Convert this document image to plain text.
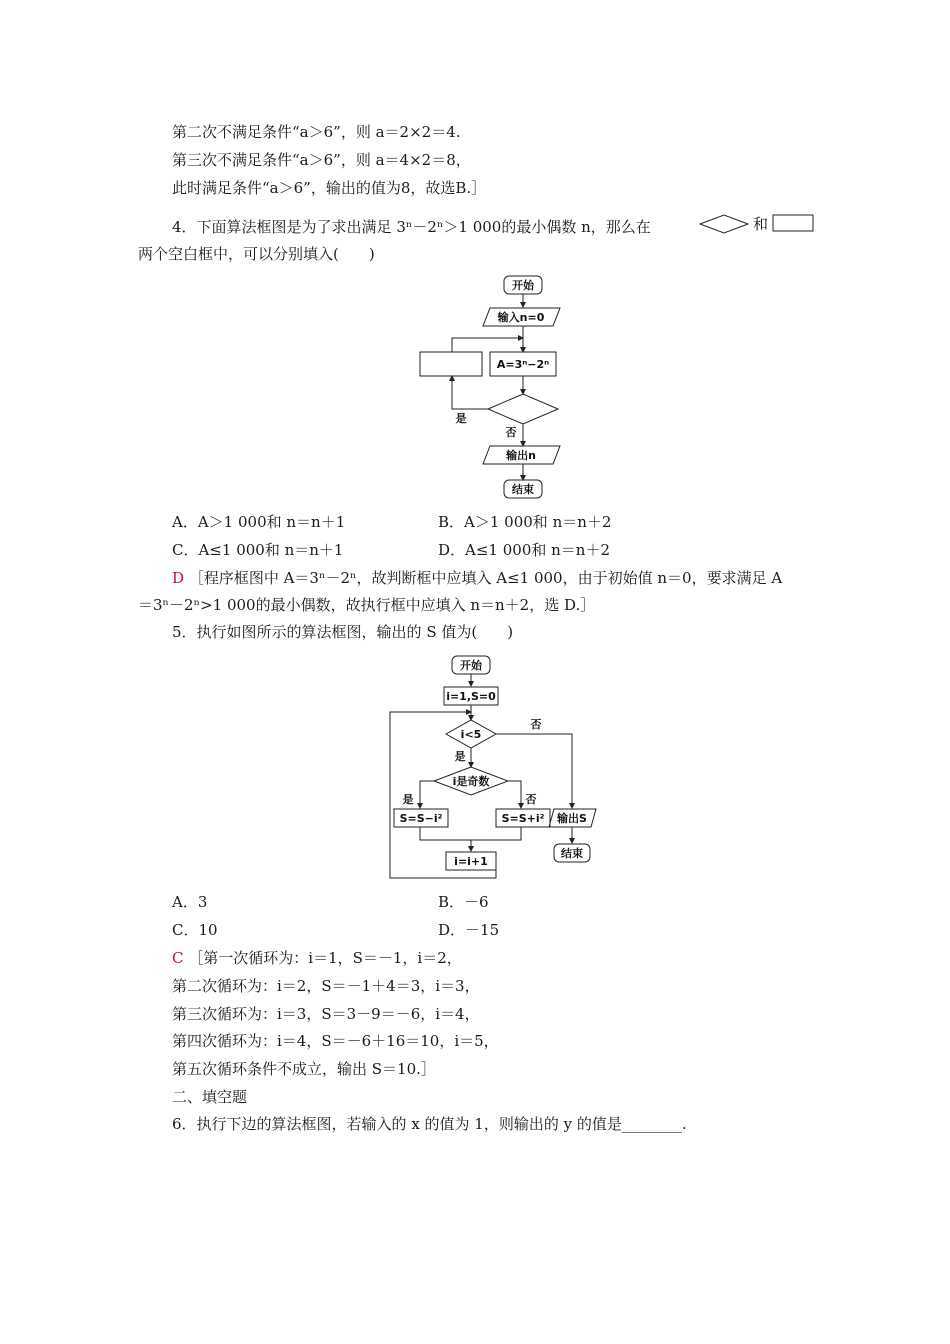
第二次不满足条件“a＞6”，则 a＝2×2＝4.
第三次不满足条件“a＞6”，则 a＝4×2＝8，
此时满足条件“a＞6”，输出的值为8，故选B.］
4．下面算法框图是为了求出满足 3ⁿ－2ⁿ＞1 000的最小偶数 n，那么在	和
两个空白框中，可以分别填入(　　)
开始
输入n=0
A=3ⁿ−2ⁿ
是
否
输出n
结束
A．A＞1 000和 n＝n＋1	B．A＞1 000和 n＝n＋2
C．A≤1 000和 n＝n＋1	D．A≤1 000和 n＝n＋2
D ［程序框图中 A＝3ⁿ－2ⁿ，故判断框中应填入 A≤1 000，由于初始值 n＝0，要求满足 A
＝3ⁿ－2ⁿ>1 000的最小偶数，故执行框中应填入 n＝n＋2，选 D.］
5．执行如图所示的算法框图，输出的 S 值为(　　)
开始
i=1,S=0
i<5
否
是
i是奇数
是	否
S=S−i²	S=S+i²
i=i+1
输出S
结束
A．3	B．－6
C．10	D．－15
C ［第一次循环为：i＝1，S＝－1，i＝2，
第二次循环为：i＝2，S＝－1＋4＝3，i＝3，
第三次循环为：i＝3，S＝3－9＝－6，i＝4，
第四次循环为：i＝4，S＝－6＋16＝10，i＝5，
第五次循环条件不成立，输出 S＝10.］
二、填空题
6．执行下边的算法框图，若输入的 x 的值为 1，则输出的 y 的值是________.
